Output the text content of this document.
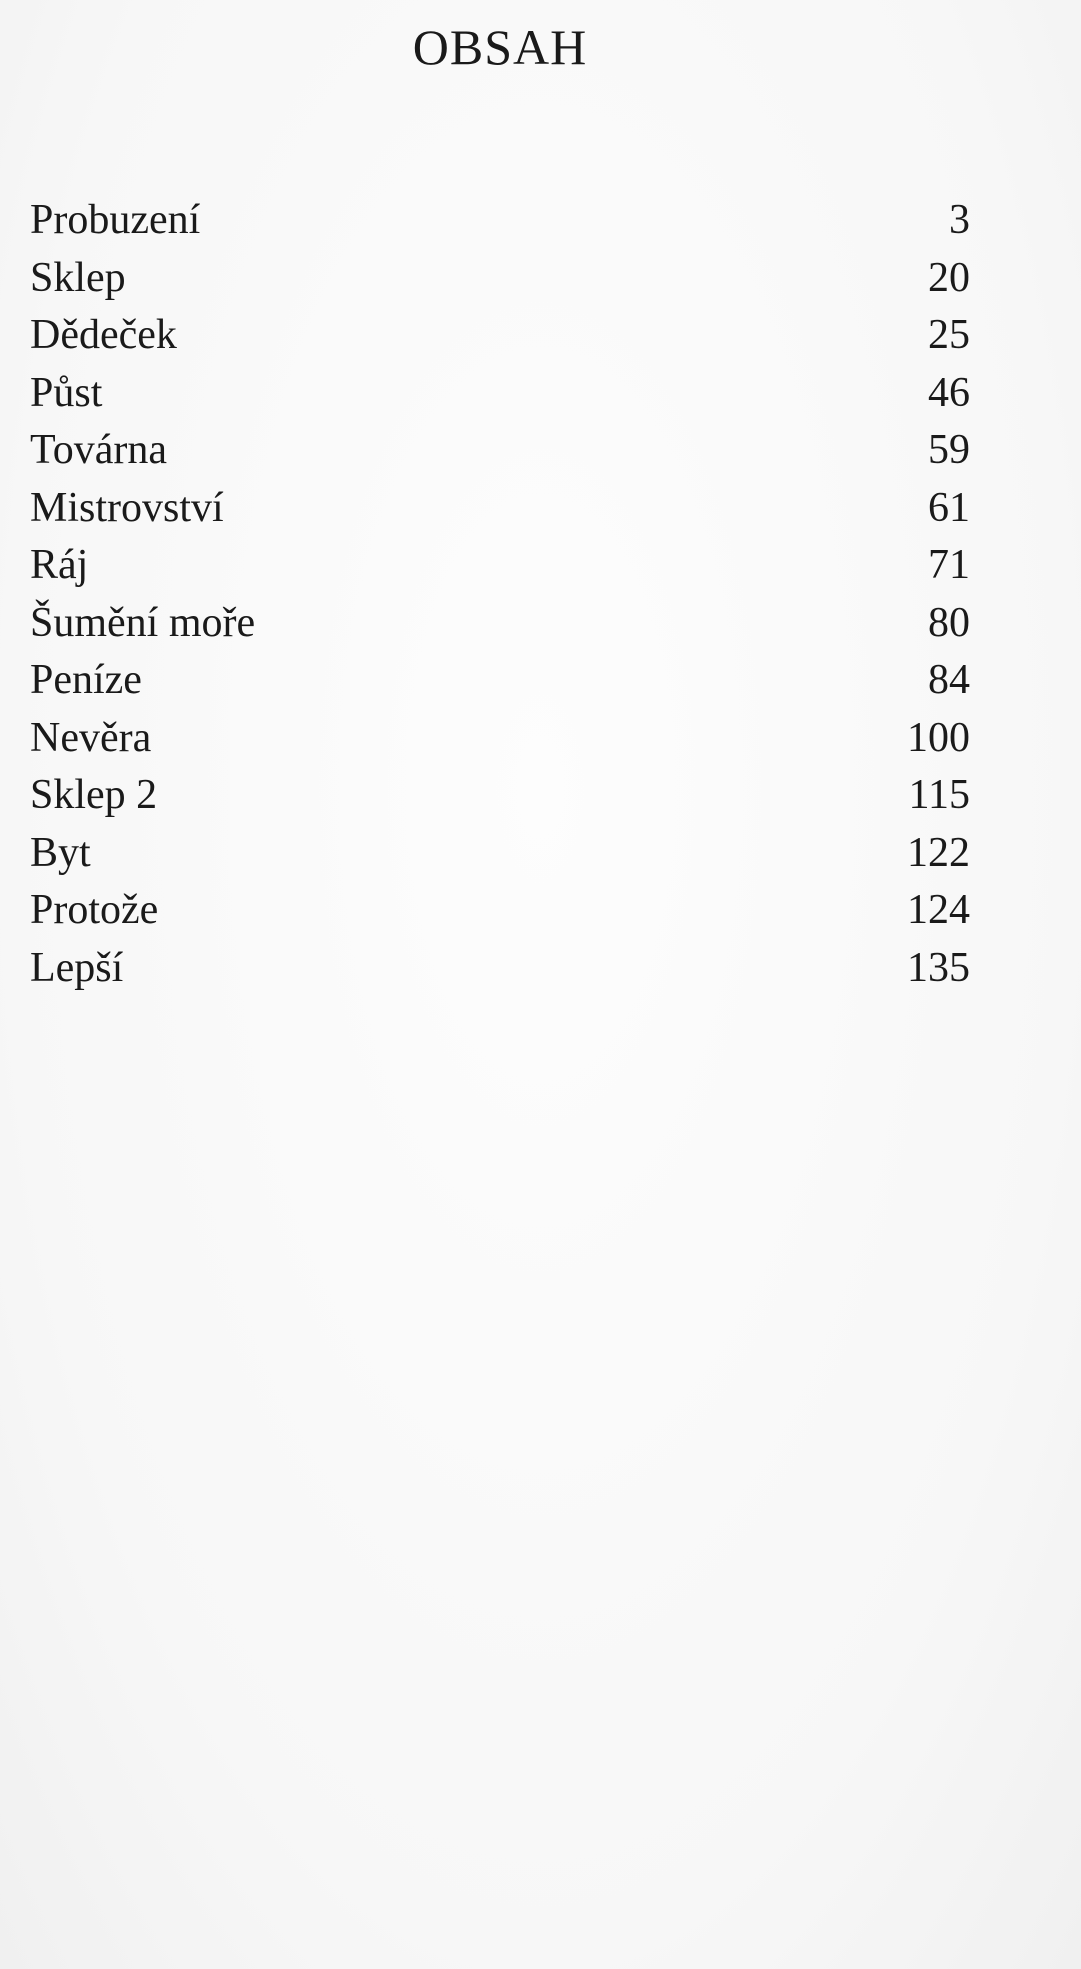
OBSAH
Probuzení	3
Sklep	20
Dědeček	25
Půst	46
Továrna	59
Mistrovství	61
Ráj	71
Šumění moře	80
Peníze	84
Nevěra	100
Sklep 2	115
Byt	122
Protože	124
Lepší	135
